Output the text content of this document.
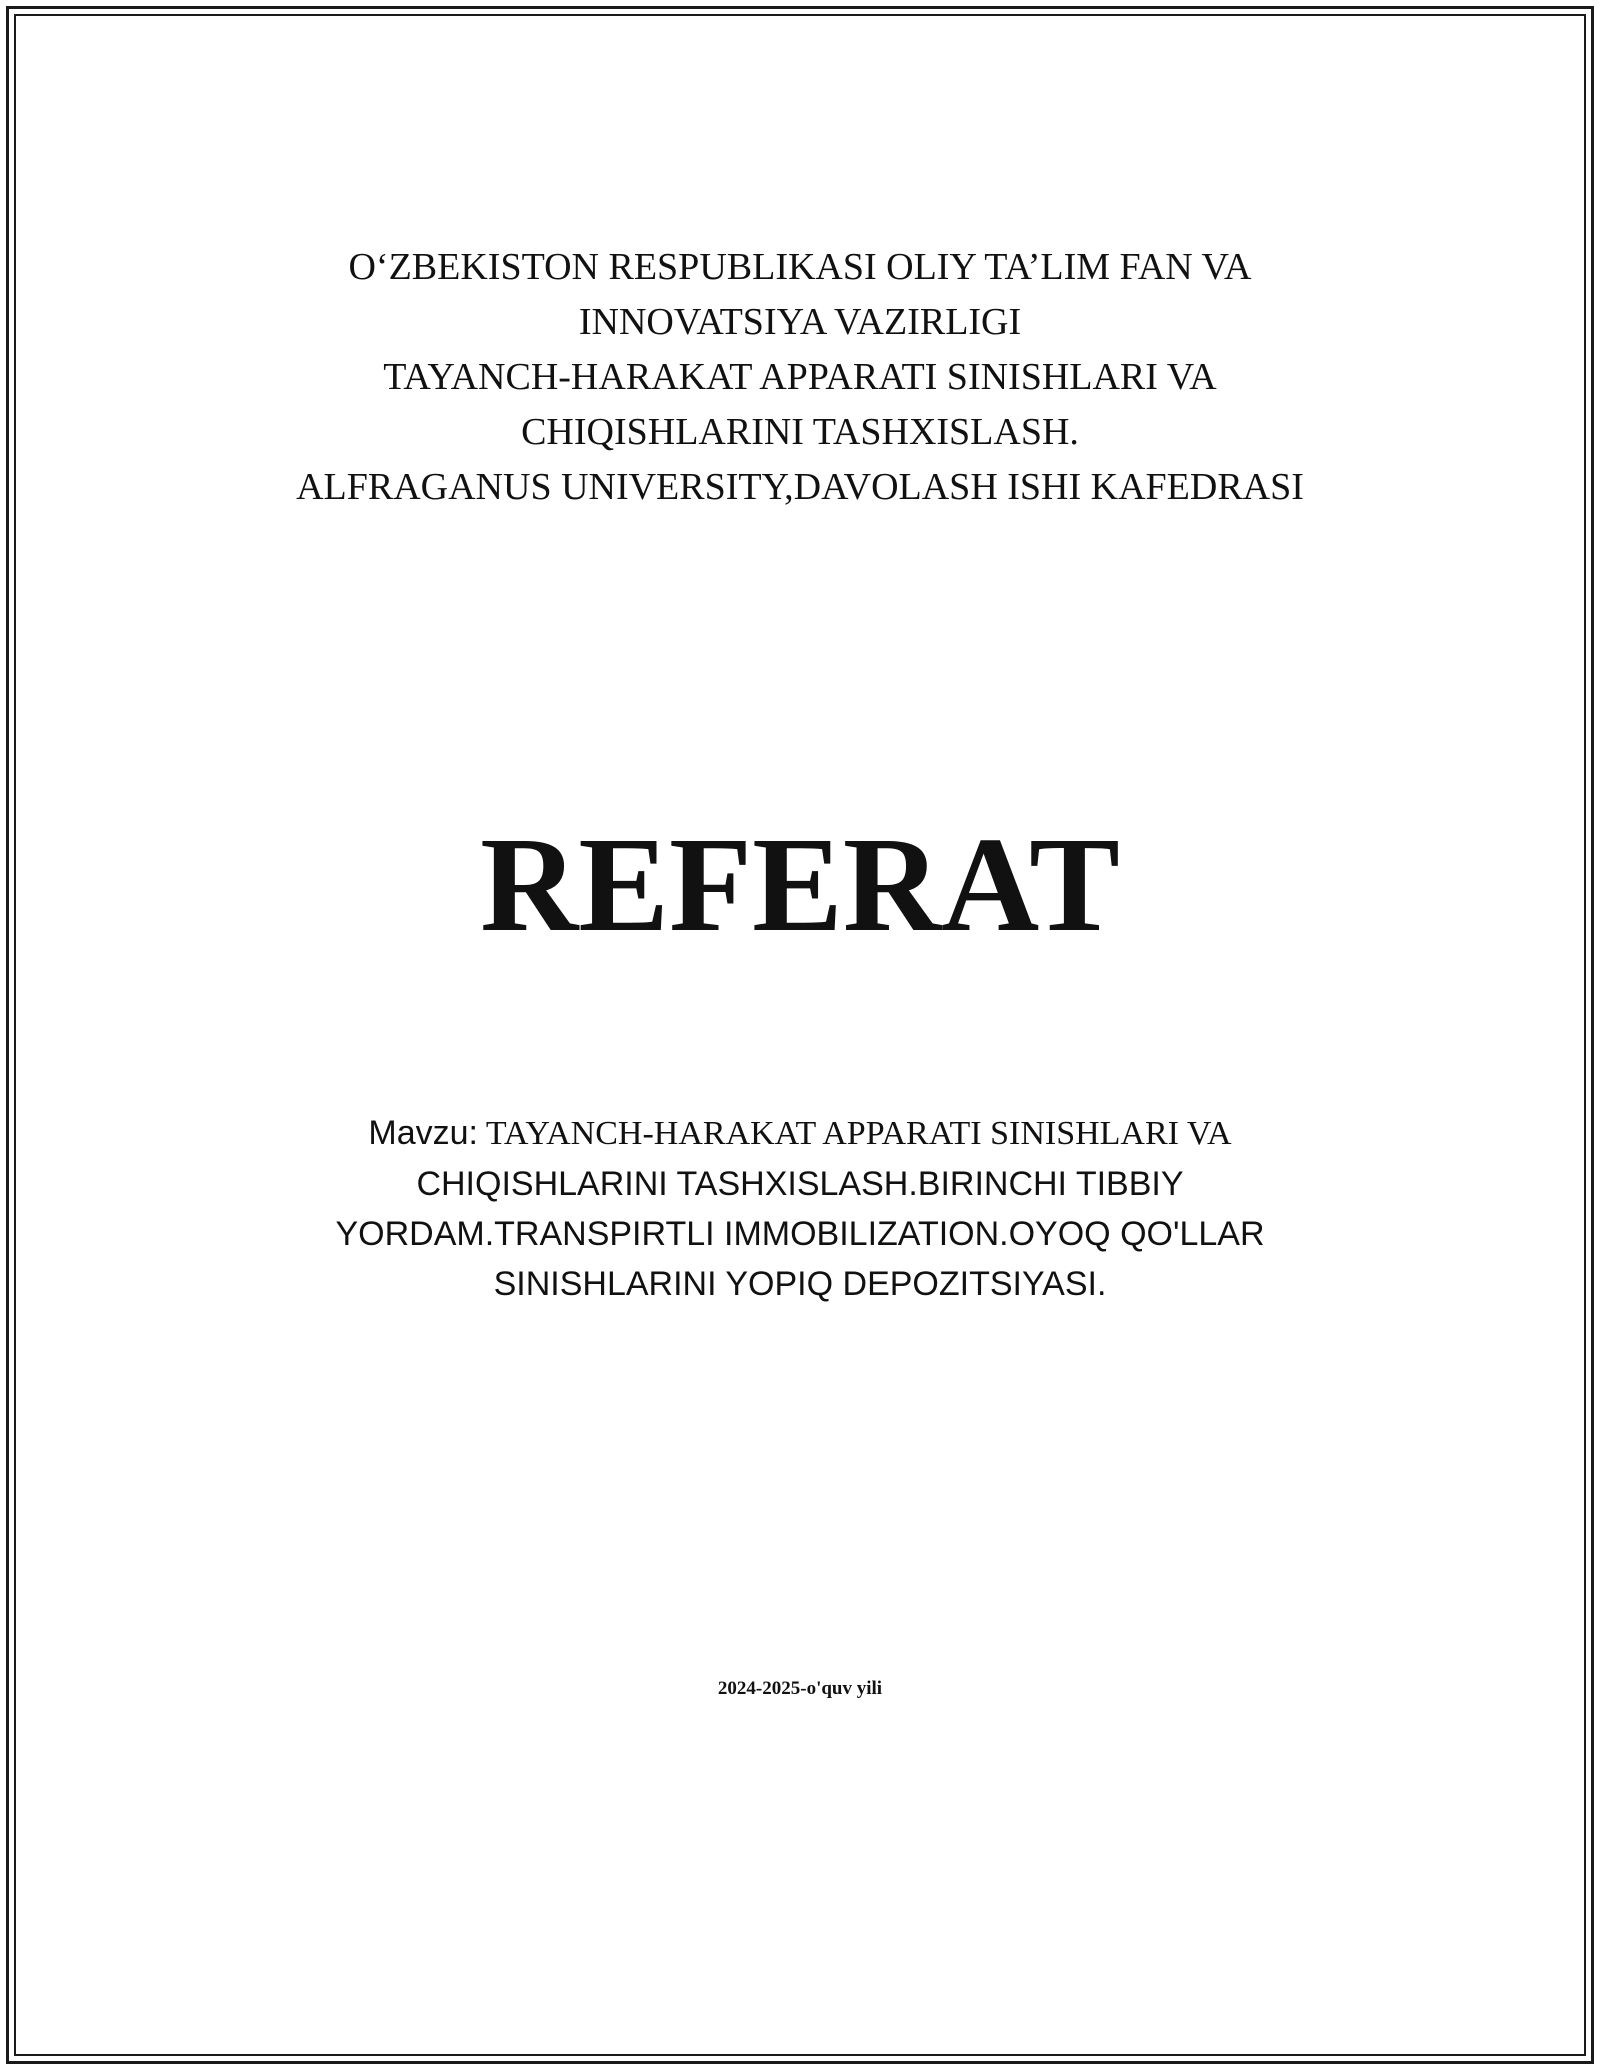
O‘ZBEKISTON RESPUBLIKASI OLIY TA’LIM FAN VA
INNOVATSIYA VAZIRLIGI
TAYANCH-HARAKAT APPARATI SINISHLARI VA
CHIQISHLARINI TASHXISLASH.
ALFRAGANUS UNIVERSITY,DAVOLASH ISHI KAFEDRASI
REFERAT
Mavzu: TAYANCH-HARAKAT APPARATI SINISHLARI VA
CHIQISHLARINI TASHXISLASH.BIRINCHI TIBBIY
YORDAM.TRANSPIRTLI IMMOBILIZATION.OYOQ QO'LLAR
SINISHLARINI YOPIQ DEPOZITSIYASI.
2024-2025-o'quv yili
